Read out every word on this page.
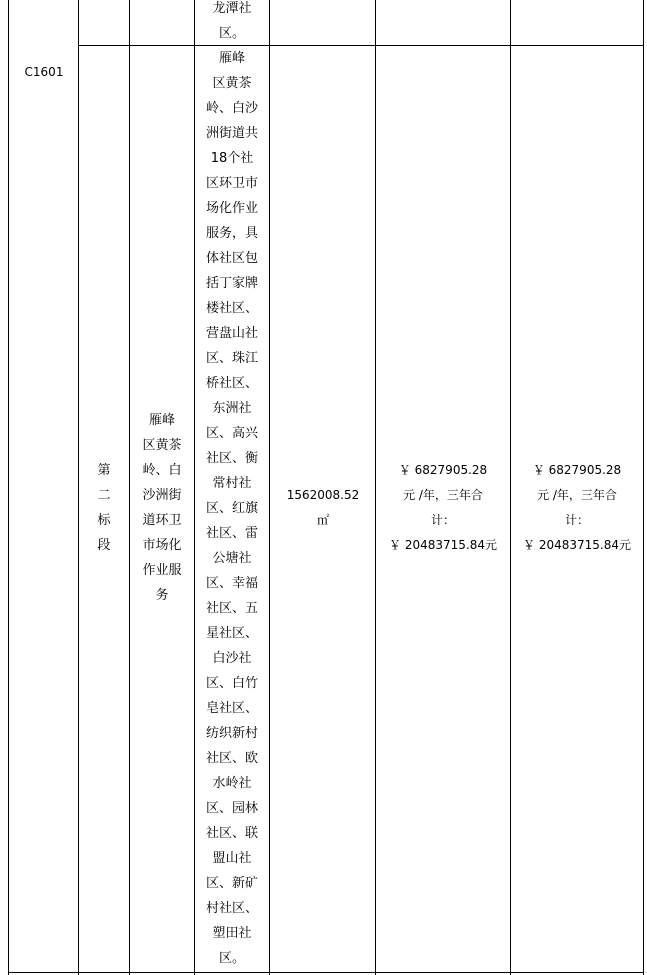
龙潭社
区。
C1601
第
二
标
段
雁峰
区黄茶
岭、白
沙洲街
道环卫
市场化
作业服
务
雁峰
区黄茶
岭、白沙
洲街道共
18个社
区环卫市
场化作业
服务，具
体社区包
括丁家牌
楼社区、
营盘山社
区、珠江
桥社区、
东洲社
区、高兴
社区、衡
常村社
区、红旗
社区、雷
公塘社
区、幸福
社区、五
星社区、
白沙社
区、白竹
皂社区、
纺织新村
社区、欧
水岭社
区、园林
社区、联
盟山社
区、新矿
村社区、
塑田社
区。
1562008.52
㎡
￥ 6827905.28
元 /年，三年合
计：
￥ 20483715.84元
￥ 6827905.28
元 /年，三年合
计：
￥ 20483715.84元
